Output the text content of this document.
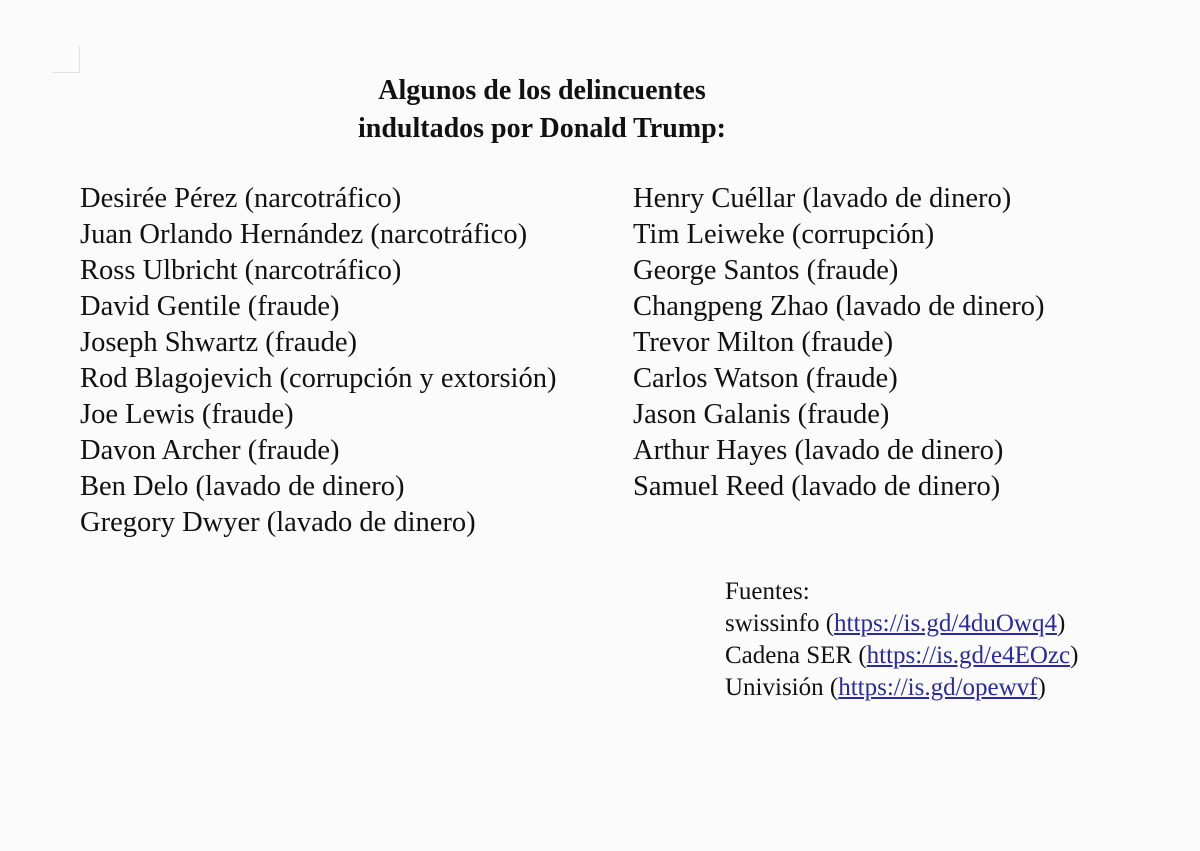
Algunos de los delincuentes
indultados por Donald Trump:
Desirée Pérez (narcotráfico)
Juan Orlando Hernández (narcotráfico)
Ross Ulbricht (narcotráfico)
David Gentile (fraude)
Joseph Shwartz (fraude)
Rod Blagojevich (corrupción y extorsión)
Joe Lewis (fraude)
Davon Archer (fraude)
Ben Delo (lavado de dinero)
Gregory Dwyer (lavado de dinero)
Henry Cuéllar (lavado de dinero)
Tim Leiweke (corrupción)
George Santos (fraude)
Changpeng Zhao (lavado de dinero)
Trevor Milton (fraude)
Carlos Watson (fraude)
Jason Galanis (fraude)
Arthur Hayes (lavado de dinero)
Samuel Reed (lavado de dinero)
Fuentes:
swissinfo (https://is.gd/4duOwq4)
Cadena SER (https://is.gd/e4EOzc)
Univisión (https://is.gd/opewvf)
